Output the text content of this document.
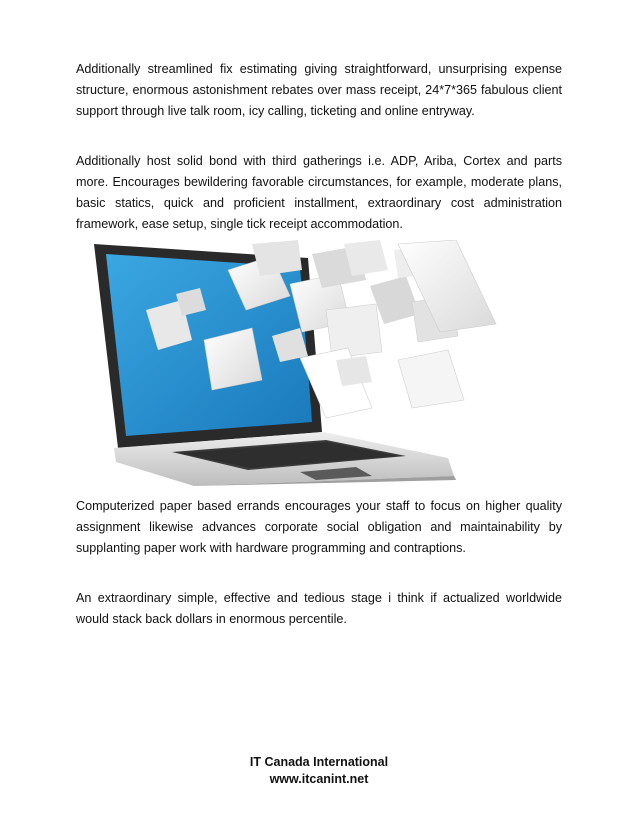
Additionally streamlined fix estimating giving straightforward, unsurprising expense structure, enormous astonishment rebates over mass receipt, 24*7*365 fabulous client support through live talk room, icy calling, ticketing and online entryway.

Additionally host solid bond with third gatherings i.e. ADP, Ariba, Cortex and parts more. Encourages bewildering favorable circumstances, for example, moderate plans, basic statics, quick and proficient installment, extraordinary cost administration framework, ease setup, single tick receipt accommodation.

Computerized paper based errands encourages your staff to focus on higher quality assignment likewise advances corporate social obligation and maintainability by supplanting paper work with hardware programming and contraptions.

An extraordinary simple, effective and tedious stage i think if actualized worldwide would stack back dollars in enormous percentile.

IT Canada International
www.itcanint.net
